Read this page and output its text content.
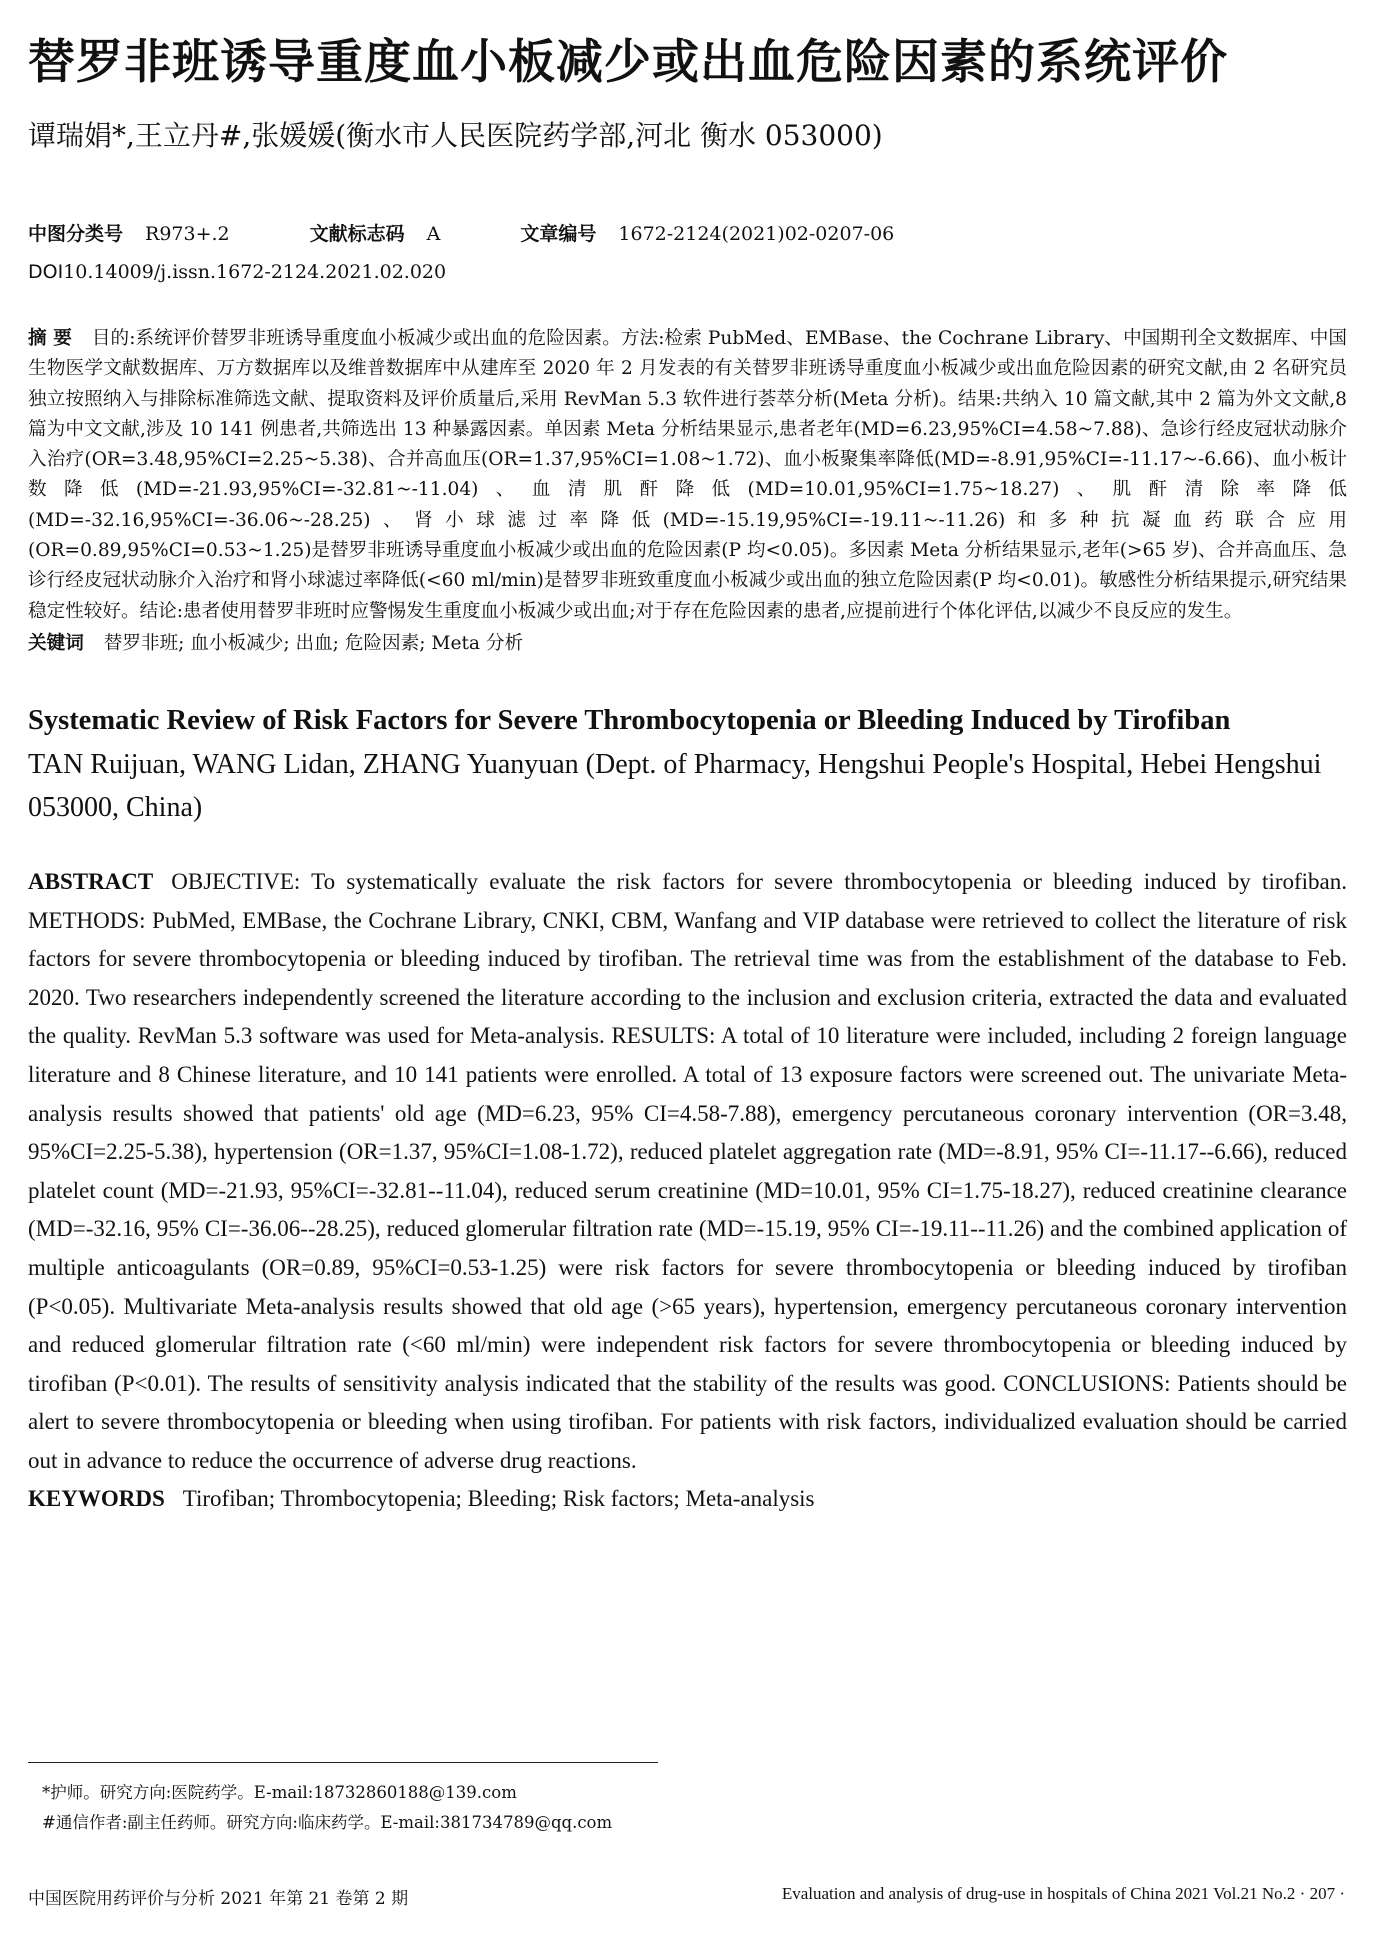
替罗非班诱导重度血小板减少或出血危险因素的系统评价
谭瑞娟*,王立丹#,张媛媛(衡水市人民医院药学部,河北 衡水 053000)
中图分类号 R973+.2	文献标志码 A	文章编号 1672-2124(2021)02-0207-06
DOI10.14009/j.issn.1672-2124.2021.02.020
摘 要 目的:系统评价替罗非班诱导重度血小板减少或出血的危险因素。方法:检索 PubMed、EMBase、the Cochrane Library、中国期刊全文数据库、中国生物医学文献数据库、万方数据库以及维普数据库中从建库至 2020 年 2 月发表的有关替罗非班诱导重度血小板减少或出血危险因素的研究文献,由 2 名研究员独立按照纳入与排除标准筛选文献、提取资料及评价质量后,采用 RevMan 5.3 软件进行荟萃分析(Meta 分析)。结果:共纳入 10 篇文献,其中 2 篇为外文文献,8 篇为中文文献,涉及 10 141 例患者,共筛选出 13 种暴露因素。单因素 Meta 分析结果显示,患者老年(MD=6.23,95%CI=4.58~7.88)、急诊行经皮冠状动脉介入治疗(OR=3.48,95%CI=2.25~5.38)、合并高血压(OR=1.37,95%CI=1.08~1.72)、血小板聚集率降低(MD=-8.91,95%CI=-11.17~-6.66)、血小板计数降低(MD=-21.93,95%CI=-32.81~-11.04)、血清肌酐降低(MD=10.01,95%CI=1.75~18.27)、肌酐清除率降低(MD=-32.16,95%CI=-36.06~-28.25)、肾小球滤过率降低(MD=-15.19,95%CI=-19.11~-11.26)和多种抗凝血药联合应用(OR=0.89,95%CI=0.53~1.25)是替罗非班诱导重度血小板减少或出血的危险因素(P 均<0.05)。多因素 Meta 分析结果显示,老年(>65 岁)、合并高血压、急诊行经皮冠状动脉介入治疗和肾小球滤过率降低(<60 ml/min)是替罗非班致重度血小板减少或出血的独立危险因素(P 均<0.01)。敏感性分析结果提示,研究结果稳定性较好。结论:患者使用替罗非班时应警惕发生重度血小板减少或出血;对于存在危险因素的患者,应提前进行个体化评估,以减少不良反应的发生。
关键词 替罗非班; 血小板减少; 出血; 危险因素; Meta 分析
Systematic Review of Risk Factors for Severe Thrombocytopenia or Bleeding Induced by Tirofiban
TAN Ruijuan, WANG Lidan, ZHANG Yuanyuan (Dept. of Pharmacy, Hengshui People's Hospital, Hebei Hengshui 053000, China)
ABSTRACT OBJECTIVE: To systematically evaluate the risk factors for severe thrombocytopenia or bleeding induced by tirofiban. METHODS: PubMed, EMBase, the Cochrane Library, CNKI, CBM, Wanfang and VIP database were retrieved to collect the literature of risk factors for severe thrombocytopenia or bleeding induced by tirofiban. The retrieval time was from the establishment of the database to Feb. 2020. Two researchers independently screened the literature according to the inclusion and exclusion criteria, extracted the data and evaluated the quality. RevMan 5.3 software was used for Meta-analysis. RESULTS: A total of 10 literature were included, including 2 foreign language literature and 8 Chinese literature, and 10 141 patients were enrolled. A total of 13 exposure factors were screened out. The univariate Meta-analysis results showed that patients' old age (MD=6.23, 95% CI=4.58-7.88), emergency percutaneous coronary intervention (OR=3.48, 95%CI=2.25-5.38), hypertension (OR=1.37, 95%CI=1.08-1.72), reduced platelet aggregation rate (MD=-8.91, 95% CI=-11.17--6.66), reduced platelet count (MD=-21.93, 95%CI=-32.81--11.04), reduced serum creatinine (MD=10.01, 95% CI=1.75-18.27), reduced creatinine clearance (MD=-32.16, 95% CI=-36.06--28.25), reduced glomerular filtration rate (MD=-15.19, 95% CI=-19.11--11.26) and the combined application of multiple anticoagulants (OR=0.89, 95%CI=0.53-1.25) were risk factors for severe thrombocytopenia or bleeding induced by tirofiban (P<0.05). Multivariate Meta-analysis results showed that old age (>65 years), hypertension, emergency percutaneous coronary intervention and reduced glomerular filtration rate (<60 ml/min) were independent risk factors for severe thrombocytopenia or bleeding induced by tirofiban (P<0.01). The results of sensitivity analysis indicated that the stability of the results was good. CONCLUSIONS: Patients should be alert to severe thrombocytopenia or bleeding when using tirofiban. For patients with risk factors, individualized evaluation should be carried out in advance to reduce the occurrence of adverse drug reactions.
KEYWORDS Tirofiban; Thrombocytopenia; Bleeding; Risk factors; Meta-analysis
*护师。研究方向:医院药学。E-mail:18732860188@139.com
#通信作者:副主任药师。研究方向:临床药学。E-mail:381734789@qq.com
中国医院用药评价与分析 2021 年第 21 卷第 2 期	Evaluation and analysis of drug-use in hospitals of China 2021 Vol.21 No.2 · 207 ·
